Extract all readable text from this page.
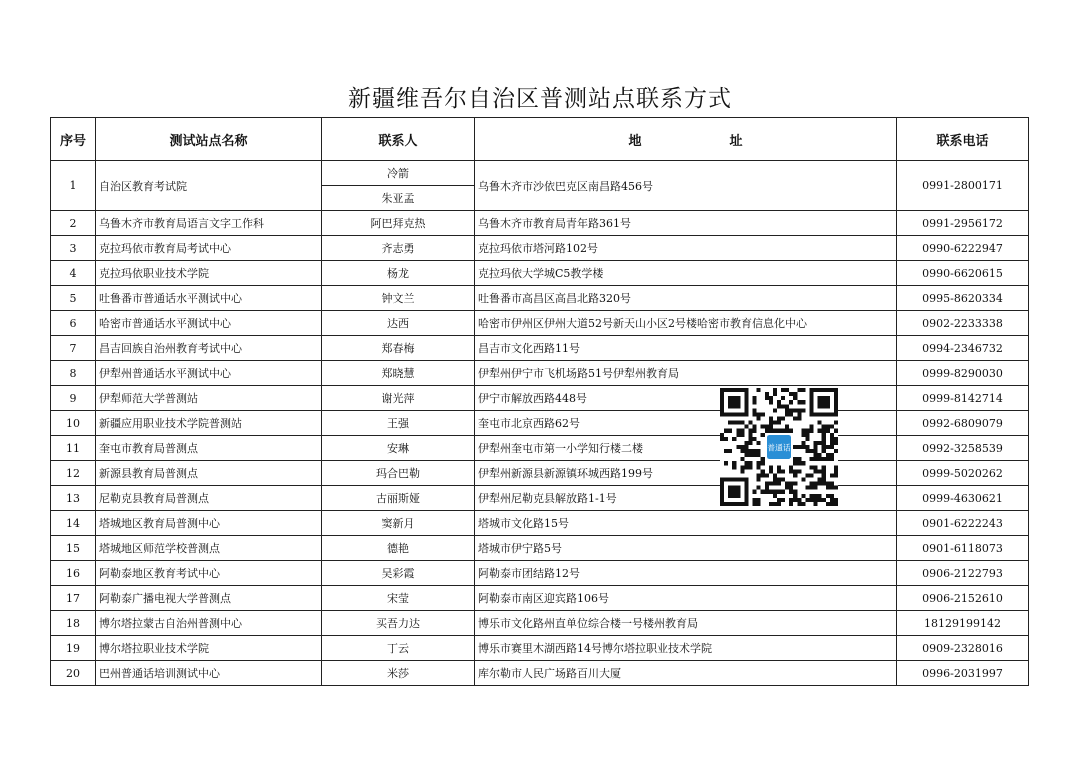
新疆维吾尔自治区普测站点联系方式
序号	测试站点名称	联系人	地 址	联系电话
1	自治区教育考试院	冷箭	乌鲁木齐市沙依巴克区南昌路456号	0991-2800171
		朱亚孟		
2	乌鲁木齐市教育局语言文字工作科	阿巴拜克热	乌鲁木齐市教育局青年路361号	0991-2956172
3	克拉玛依市教育局考试中心	齐志勇	克拉玛依市塔河路102号	0990-6222947
4	克拉玛依职业技术学院	杨龙	克拉玛依大学城C5教学楼	0990-6620615
5	吐鲁番市普通话水平测试中心	钟文兰	吐鲁番市高昌区高昌北路320号	0995-8620334
6	哈密市普通话水平测试中心	达西	哈密市伊州区伊州大道52号新天山小区2号楼哈密市教育信息化中心	0902-2233338
7	昌吉回族自治州教育考试中心	郑春梅	昌吉市文化西路11号	0994-2346732
8	伊犁州普通话水平测试中心	郑晓慧	伊犁州伊宁市飞机场路51号伊犁州教育局	0999-8290030
9	伊犁师范大学普测站	谢光萍	伊宁市解放西路448号	0999-8142714
10	新疆应用职业技术学院普测站	王强	奎屯市北京西路62号	0992-6809079
11	奎屯市教育局普测点	安琳	伊犁州奎屯市第一小学知行楼二楼	0992-3258539
12	新源县教育局普测点	玛合巴勒	伊犁州新源县新源镇环城西路199号	0999-5020262
13	尼勒克县教育局普测点	古丽斯娅	伊犁州尼勒克县解放路1-1号	0999-4630621
14	塔城地区教育局普测中心	窦新月	塔城市文化路15号	0901-6222243
15	塔城地区师范学校普测点	德艳	塔城市伊宁路5号	0901-6118073
16	阿勒泰地区教育考试中心	吴彩霞	阿勒泰市团结路12号	0906-2122793
17	阿勒泰广播电视大学普测点	宋莹	阿勒泰市南区迎宾路106号	0906-2152610
18	博尔塔拉蒙古自治州普测中心	买吾力达	博乐市文化路州直单位综合楼一号楼州教育局	18129199142
19	博尔塔拉职业技术学院	丁云	博乐市赛里木湖西路14号博尔塔拉职业技术学院	0909-2328016
20	巴州普通话培训测试中心	米莎	库尔勒市人民广场路百川大厦	0996-2031997
普通话
